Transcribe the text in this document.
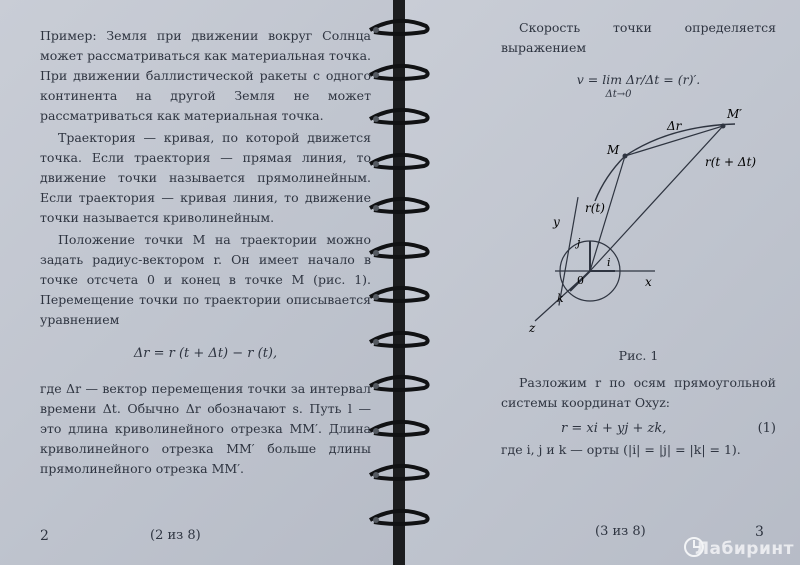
Пример: Земля при движении вокруг Солнца может рассматриваться как материальная точка. При движении баллистической ракеты с одного континента на другой Земля не может рассматриваться как материальная точка.

Траектория — кривая, по которой движется точка. Если траектория — прямая линия, то движение точки называется прямолинейным. Если траектория — кривая линия, то движение точки называется криволинейным.

Положение точки M на траектории можно задать радиус-вектором r. Он имеет начало в точке отсчета 0 и конец в точке M (рис. 1). Перемещение точки по траектории описывается уравнением

Δr = r (t + Δt) − r (t),

где Δr — вектор перемещения точки за интервал времени Δt. Обычно Δr обозначают s. Путь l — это длина криволинейного отрезка MM′. Длина криволинейного отрезка MM′ больше длины прямолинейного отрезка MM′.

2	(2 из 8)

Скорость точки определяется выражением

v = lim Δr/Δt = (r)′.
Δt→0
M′
Δr
M
r(t + Δt)
r(t)
y
j
0
i
x
k
z
Рис. 1

Разложим r по осям прямоугольной системы координат Oxyz:

r = xi + yj + zk,	(1)

где i, j и k — орты (|i| = |j| = |k| = 1).

(3 из 8)	3
Лабиринт
